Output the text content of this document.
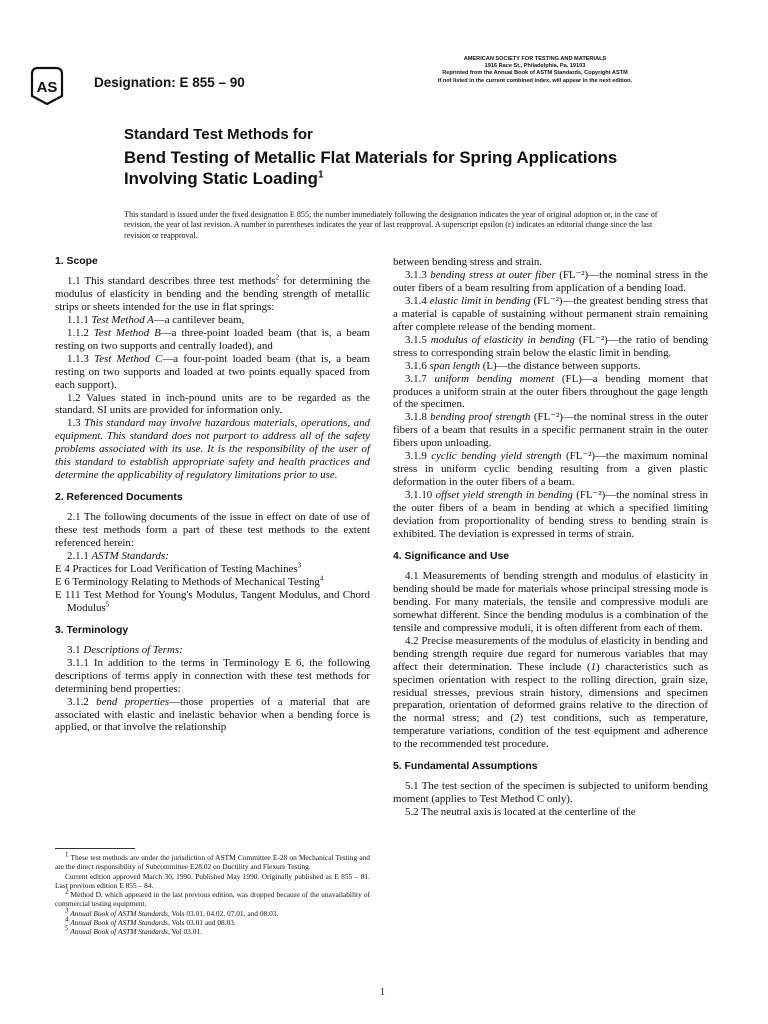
AS	Designation: E 855 – 90
AMERICAN SOCIETY FOR TESTING AND MATERIALS
1916 Race St., Philadelphia, Pa. 19103
Reprinted from the Annual Book of ASTM Standards, Copyright ASTM
If not listed in the current combined index, will appear in the next edition.
Standard Test Methods for
Bend Testing of Metallic Flat Materials for Spring Applications
Involving Static Loading$^1$
This standard is issued under the fixed designation E 855; the number immediately following the designation indicates the year of original adoption or, in the case of revision, the year of last revision. A number in parentheses indicates the year of last reapproval. A superscript epsilon (ε) indicates an editorial change since the last revision or reapproval.

1. Scope

1.1 This standard describes three test methods$^2$ for determining the modulus of elasticity in bending and the bending strength of metallic strips or sheets intended for the use in flat springs:

1.1.1 Test Method A—a cantilever beam,

1.1.2 Test Method B—a three-point loaded beam (that is, a beam resting on two supports and centrally loaded), and

1.1.3 Test Method C—a four-point loaded beam (that is, a beam resting on two supports and loaded at two points equally spaced from each support).

1.2 Values stated in inch-pound units are to be regarded as the standard. SI units are provided for information only.

1.3 This standard may involve hazardous materials, operations, and equipment. This standard does not purport to address all of the safety problems associated with its use. It is the responsibility of the user of this standard to establish appropriate safety and health practices and determine the applicability of regulatory limitations prior to use.

2. Referenced Documents

2.1 The following documents of the issue in effect on date of use of these test methods form a part of these test methods to the extent referenced herein:

2.1.1 ASTM Standards:

E 4 Practices for Load Verification of Testing Machines$^3$

E 6 Terminology Relating to Methods of Mechanical Testing$^4$

E 111 Test Method for Young's Modulus, Tangent Modulus, and Chord Modulus$^5$

3. Terminology

3.1 Descriptions of Terms:

3.1.1 In addition to the terms in Terminology E 6, the following descriptions of terms apply in connection with these test methods for determining bend properties:

3.1.2 bend properties—those properties of a material that are associated with elastic and inelastic behavior when a bending force is applied, or that involve the relationship

$^1$ These test methods are under the jurisdiction of ASTM Committee E-28 on Mechanical Testing and are the direct responsibility of Subcommittee E28.02 on Ductility and Flexure Testing.

Current edition approved March 30, 1990. Published May 1990. Originally published as E 855 – 81. Last previous edition E 855 – 84.

$^2$ Method D, which appeared in the last previous edition, was dropped because of the unavailability of commercial testing equipment.

$^3$ Annual Book of ASTM Standards, Vols 03.01, 04.02, 07.01, and 08.03.

$^4$ Annual Book of ASTM Standards, Vols 03.01 and 08.03.

$^5$ Annual Book of ASTM Standards, Vol 03.01.

between bending stress and strain.

3.1.3 bending stress at outer fiber (FL⁻²)—the nominal stress in the outer fibers of a beam resulting from application of a bending load.

3.1.4 elastic limit in bending (FL⁻²)—the greatest bending stress that a material is capable of sustaining without permanent strain remaining after complete release of the bending moment.

3.1.5 modulus of elasticity in bending (FL⁻²)—the ratio of bending stress to corresponding strain below the elastic limit in bending.

3.1.6 span length (L)—the distance between supports.

3.1.7 uniform bending moment (FL)—a bending moment that produces a uniform strain at the outer fibers throughout the gage length of the specimen.

3.1.8 bending proof strength (FL⁻²)—the nominal stress in the outer fibers of a beam that results in a specific permanent strain in the outer fibers upon unloading.

3.1.9 cyclic bending yield strength (FL⁻²)—the maximum nominal stress in uniform cyclic bending resulting from a given plastic deformation in the outer fibers of a beam.

3.1.10 offset yield strength in bending (FL⁻²)—the nominal stress in the outer fibers of a beam in bending at which a specified limiting deviation from proportionality of bending stress to bending strain is exhibited. The deviation is expressed in terms of strain.

4. Significance and Use

4.1 Measurements of bending strength and modulus of elasticity in bending should be made for materials whose principal stressing mode is bending. For many materials, the tensile and compressive moduli are somewhat different. Since the bending modulus is a combination of the tensile and compressive moduli, it is often different from each of them.

4.2 Precise measurements of the modulus of elasticity in bending and bending strength require due regard for numerous variables that may affect their determination. These include (1) characteristics such as specimen orientation with respect to the rolling direction, grain size, residual stresses, previous strain history, dimensions and specimen preparation, orientation of deformed grains relative to the direction of the normal stress; and (2) test conditions, such as temperature, temperature variations, condition of the test equipment and adherence to the recommended test procedure.

5. Fundamental Assumptions

5.1 The test section of the specimen is subjected to uniform bending moment (applies to Test Method C only).

5.2 The neutral axis is located at the centerline of the

1
